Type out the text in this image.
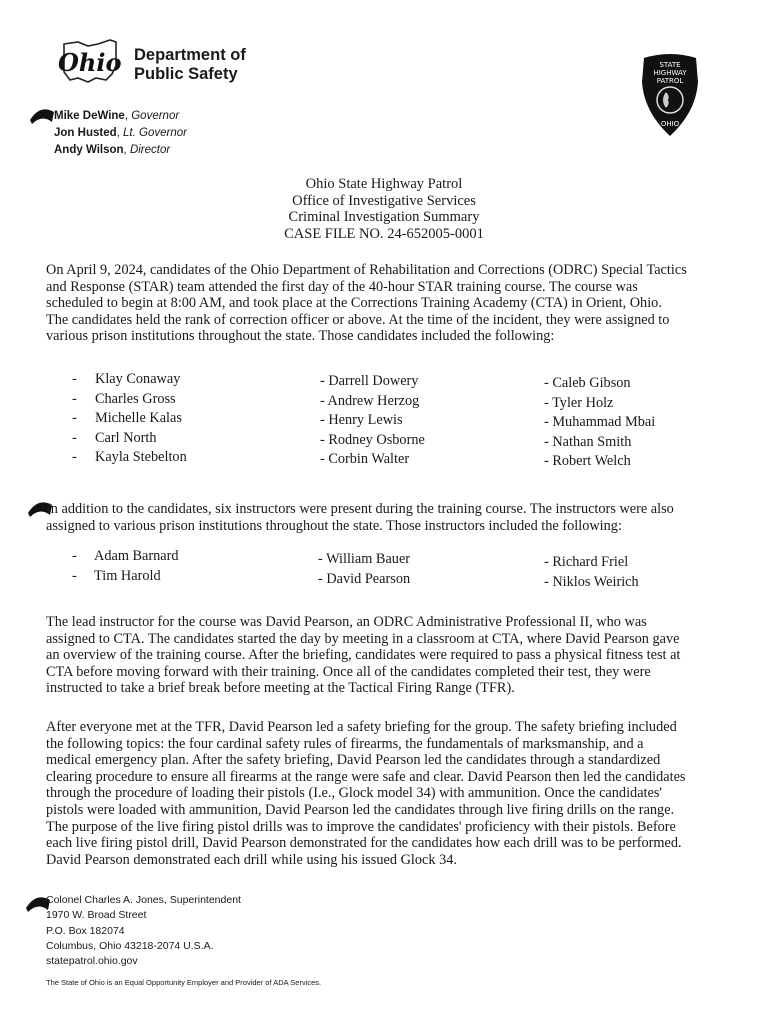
Ohio Department of
Public Safety	STATE
HIGHWAY
PATROL
OHIO
Mike DeWine, Governor
Jon Husted, Lt. Governor
Andy Wilson, Director
Ohio State Highway Patrol
Office of Investigative Services
Criminal Investigation Summary
CASE FILE NO. 24-652005-0001
On April 9, 2024, candidates of the Ohio Department of Rehabilitation and Corrections (ODRC) Special Tactics
and Response (STAR) team attended the first day of the 40-hour STAR training course. The course was
scheduled to begin at 8:00 AM, and took place at the Corrections Training Academy (CTA) in Orient, Ohio.
The candidates held the rank of correction officer or above. At the time of the incident, they were assigned to
various prison institutions throughout the state. Those candidates included the following:
-	Klay Conaway
-	Charles Gross
-	Michelle Kalas
-	Carl North
-	Kayla Stebelton
- Darrell Dowery
- Andrew Herzog
- Henry Lewis
- Rodney Osborne
- Corbin Walter
- Caleb Gibson
- Tyler Holz
- Muhammad Mbai
- Nathan Smith
- Robert Welch
In addition to the candidates, six instructors were present during the training course. The instructors were also
assigned to various prison institutions throughout the state. Those instructors included the following:
-	Adam Barnard
-	Tim Harold
- William Bauer
- David Pearson
- Richard Friel
- Niklos Weirich
The lead instructor for the course was David Pearson, an ODRC Administrative Professional II, who was
assigned to CTA. The candidates started the day by meeting in a classroom at CTA, where David Pearson gave
an overview of the training course. After the briefing, candidates were required to pass a physical fitness test at
CTA before moving forward with their training. Once all of the candidates completed their test, they were
instructed to take a brief break before meeting at the Tactical Firing Range (TFR).
After everyone met at the TFR, David Pearson led a safety briefing for the group. The safety briefing included
the following topics: the four cardinal safety rules of firearms, the fundamentals of marksmanship, and a
medical emergency plan. After the safety briefing, David Pearson led the candidates through a standardized
clearing procedure to ensure all firearms at the range were safe and clear. David Pearson then led the candidates
through the procedure of loading their pistols (I.e., Glock model 34) with ammunition. Once the candidates'
pistols were loaded with ammunition, David Pearson led the candidates through live firing drills on the range.
The purpose of the live firing pistol drills was to improve the candidates' proficiency with their pistols. Before
each live firing pistol drill, David Pearson demonstrated for the candidates how each drill was to be performed.
David Pearson demonstrated each drill while using his issued Glock 34.
Colonel Charles A. Jones, Superintendent
1970 W. Broad Street
P.O. Box 182074
Columbus, Ohio 43218-2074 U.S.A.
statepatrol.ohio.gov
The State of Ohio is an Equal Opportunity Employer and Provider of ADA Services.
